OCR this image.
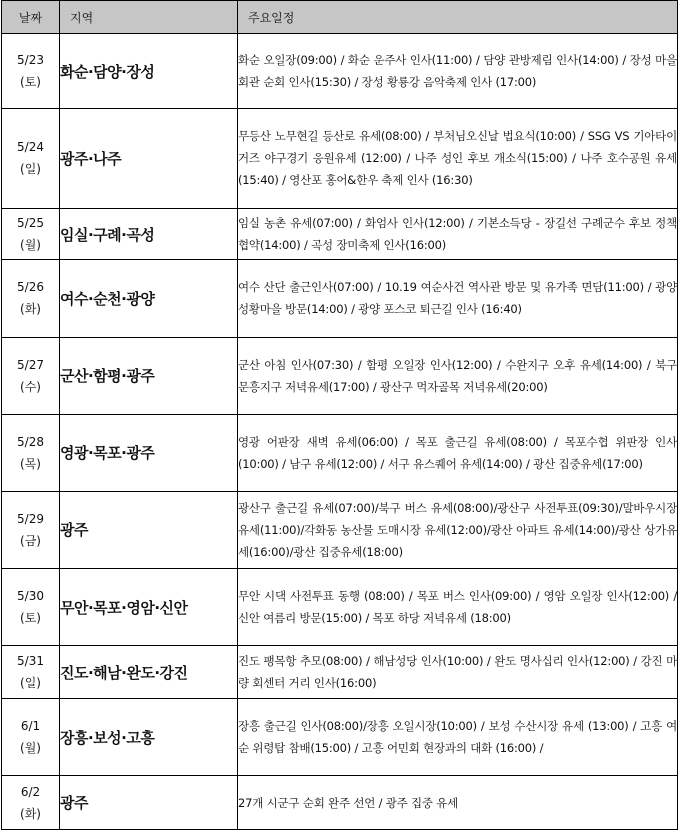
날짜	지역	주요일정

5/23
(토)	화순·담양·장성	화순 오일장(09:00) / 화순 운주사 인사(11:00) / 담양 관방제림 인사(14:00) / 장성 마을회관 순회 인사(15:30) / 장성 황룡강 음악축제 인사 (17:00)

5/24
(일)	광주·나주	무등산 노무현길 등산로 유세(08:00) / 부처님오신날 법요식(10:00) / SSG VS 기아타이거즈 야구경기 응원유세 (12:00) / 나주 성인 후보 개소식(15:00) / 나주 호수공원 유세(15:40) / 영산포 홍어&한우 축제 인사 (16:30)

5/25
(월)	임실·구례·곡성	임실 농촌 유세(07:00) / 화엄사 인사(12:00) / 기본소득당 - 장길선 구례군수 후보 정책협약(14:00) / 곡성 장미축제 인사(16:00)

5/26
(화)	여수·순천·광양	여수 산단 출근인사(07:00) / 10.19 여순사건 역사관 방문 및 유가족 면담(11:00) / 광양 성황마을 방문(14:00) / 광양 포스코 퇴근길 인사 (16:40)

5/27
(수)	군산·함평·광주	군산 아침 인사(07:30) / 함평 오일장 인사(12:00) / 수완지구 오후 유세(14:00) / 북구 문흥지구 저녁유세(17:00) / 광산구 먹자골목 저녁유세(20:00)

5/28
(목)	영광·목포·광주	영광 어판장 새벽 유세(06:00) / 목포 출근길 유세(08:00) / 목포수협 위판장 인사(10:00) / 남구 유세(12:00) / 서구 유스퀘어 유세(14:00) / 광산 집중유세(17:00)

5/29
(금)	광주	광산구 출근길 유세(07:00)/북구 버스 유세(08:00)/광산구 사전투표(09:30)/말바우시장 유세(11:00)/각화동 농산물 도매시장 유세(12:00)/광산 아파트 유세(14:00)/광산 상가유세(16:00)/광산 집중유세(18:00)

5/30
(토)	무안·목포·영암·신안	무안 시댁 사전투표 동행 (08:00) / 목포 버스 인사(09:00) / 영암 오일장 인사(12:00) / 신안 여름리 방문(15:00) / 목포 하당 저녁유세 (18:00)

5/31
(일)	진도·해남·완도·강진	진도 팽목항 추모(08:00) / 해남성당 인사(10:00) / 완도 명사십리 인사(12:00) / 강진 마량 회센터 거리 인사(16:00)

6/1
(월)	장흥·보성·고흥	장흥 출근길 인사(08:00)/장흥 오일시장(10:00) / 보성 수산시장 유세 (13:00) / 고흥 여순 위령탑 참배(15:00) / 고흥 어민회 현장과의 대화 (16:00) /

6/2
(화)	광주	27개 시군구 순회 완주 선언 / 광주 집중 유세
